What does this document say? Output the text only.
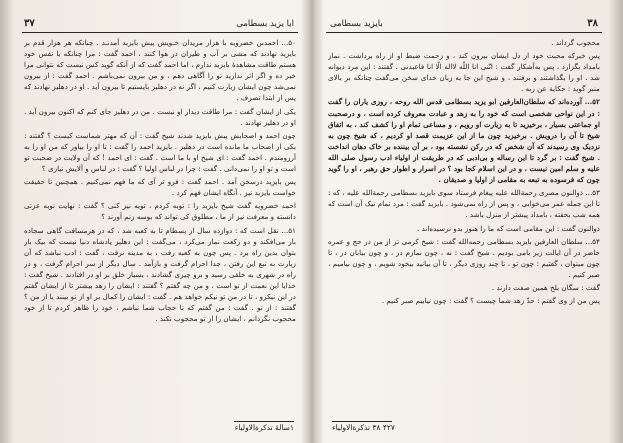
۳۷	ابا یزید بسطامی

۵۰... احمدبن خضرویه با هزار مریدان خـویش پیش بایزید آمدنـد . چنانکه هر هزار قدم بر بایزید نهادند که مشی بر آب و طیران در هوا کنند ، احمد گفت : مرا چنانکه با نفس خود هستم طاقت مشاهدهٔ بایزید ندارم ، اما احمد گفت که از آنکه گوید کس نیست که نتوانی مرا خبر ده و اگر اثر ندارید تو را آگاهی دهم ، و من بیرون نمی‌باشم . احمد گفت : از بیرون نمی‌شد چون ایشان زیارت کنیم ، اگر نه در دهلیز بایستیم تا بیرون آید . او در دهلیز نهادند که پس از ابتدا تصرف .

یکی از ایشان گفت : مرا طاقت دیدار او نیست . من در دهلیز جای کنم که اکنون بیرون آید . او در دهلیز نهادند .

چون احمد و اصحابش پیش بایزید شدند شیخ گفت : آن که مهتر شماست کیست ؟ گفتند : یکی از اصحاب ما مانده است در دهلیز . بایزید احمد را گفت : تا او را بیاور که من او را به آرزومندم . احمد گفت : ای شیخ او با ما است . گفت : ای احمد ! که آن ولایت در صحبت تو است و تو او را نمی‌دانی . گفت : چرا در لباس اولیا ؟ گفت : در لباس و آلایش نیازی ؟

پس بایزید درسخن آمد . احمد گفت : فرو تر آی که ما فهم نمی‌کنیم . همچنین تا حقیقت خواست بایزید نیز . آنگاه ایشان فهم کرد .

احمد خضرویه گفت شیخ بایزید را : توبه کردم ، توبه نیز کنی ؟ گفت : نهایت توبه عزتی دانسته و معرفت نیز از ما ، مطلوق کی تواند که بوسه زنم آورند ؟

۵۱... نقل است که : دوازده سال از بسطام تا به کعبه شد ، که در هرمسافت گاهی سجاده بار می‌افکند و دو رکعت نماز می‌کرد ، می‌گفت : این دهلیز پادشاه دنیا نیست که بیک بار بتوان بدین راه برد . پس چون به کعبه رفت ، به مدینه نرفت ، گفت : ادب نباشد که آن زیارت به تبع این رفتن ، جدا احرام گرفت و بازآمد . سال دیگر از سر احرام گرفت ، و در راه در شهری به خلقی رسید و برو چیزی گشادند ، بسیار خلق بر او در افتادند . شیخ گفت : خدایا این نعمت از تو است ، و من چه گفتم ؟ گفتند : ایشان را زهد بیشتر تا از ایشان گفتم در این نیکرو ، تا در من تو نیکم خواهد هم . گفت : ایشان را کمال بر او از تو بینند یا از من ؟ گفتند : از تو . گفت : من گفتم که تا حجاب شما نباشم ، خود را ظاهر کردم تا از خود محجوب نگردانم ، ایشان را از تو محجوب نکند .

۱سالهٔ تذکرةالاولیاء
۳۸
بایزید بسطامی

محجوب گرداند .

پس خبرکه محبت خود از دل ایشان بیرون کند ، و زحمت ضبط او از راه برداشت . نماز بامداد بگزارد ، پس به‌آشکار گفت : انّنی انا اللّه لااله الّا انا فاعبدنی . گفتند : این مرد دیوانه شد . او را بگذاشتند و برفتند ، و شیخ این جا به زبان خدای سخن می‌گفت چنانکه بر بالای منبر گوید : حکایة عن ربه .

۵۲... آورده‌اند که سلطان‌العارفین ابو یزید بسطامی قدس الله روحه ، روزی یاران را گفت : در این نواحی شخصی است که خود را به زهد و عبادت معروف کرده است ، و درصحبت او جماعتی بسیار ، برخیزید تا به زیارت او رویم ، و مساعی تمام او را کشف کند ، به اتفاق شیخ تا آن را درویش . برخیزید چون ما از این عزیمت قصد او کردیم ، که شیخ چون به نزدیک وی رسیدند که آن شخص که در رکن نشسته بود ، بر آن بیننده بر خاک دهان انداخت . شیخ گفت : بر گرد تا این رساله و بی‌ادبی که در طریقت از اولیاء ادب رسول صلی الله علیه و سلم امین نیست ، و در این اسلام کجا بود ؟ در اسرار و اطوار حق رهبر ، او را گوید چون که فرسوده به تبعه به مقامی از اولیا و صدیقان .

۵۳... ذوالنون مصری رحمةالله علیه پیغام فرستاد سوی بایزید بسطامی رحمةالله علیه ، که : تا این جمله عمر می‌خوابی ، و پس از راه نمی‌شود . بایزید گفت : مرد تمام نیک آن است که همه شب بخفته ، بامداد پیشتر از منزل باشد .

ذوالنون گفت : این مقامی است که ما را هنوز بدو نرسیده‌اند .

۵۴... سلطان العارفین بایزید بسطامی رحمه‌الله گفت : شیخ کرمی تر از من در حج و عمره حاضر در آن ایالت زیر بامی بودیم . شیخ گفت : نه ، چون نمازم در ، و چون بیابان در ، تا چون میتوان ، گفتیم : چون تو ، تا چند روزی دیگر ، تا آن بیانید بیخود شویم ، و چون بیامیم ، صبر کنیم .

گفت : سگان بلخ همین صفت دارند .

پس من‌ از وی گفتم : حدّ زهد شما چیست ؟ گفت : چون نیابیم صبر کنیم .

۴۲۷ ۳۸ تذکرةالاولیاء
